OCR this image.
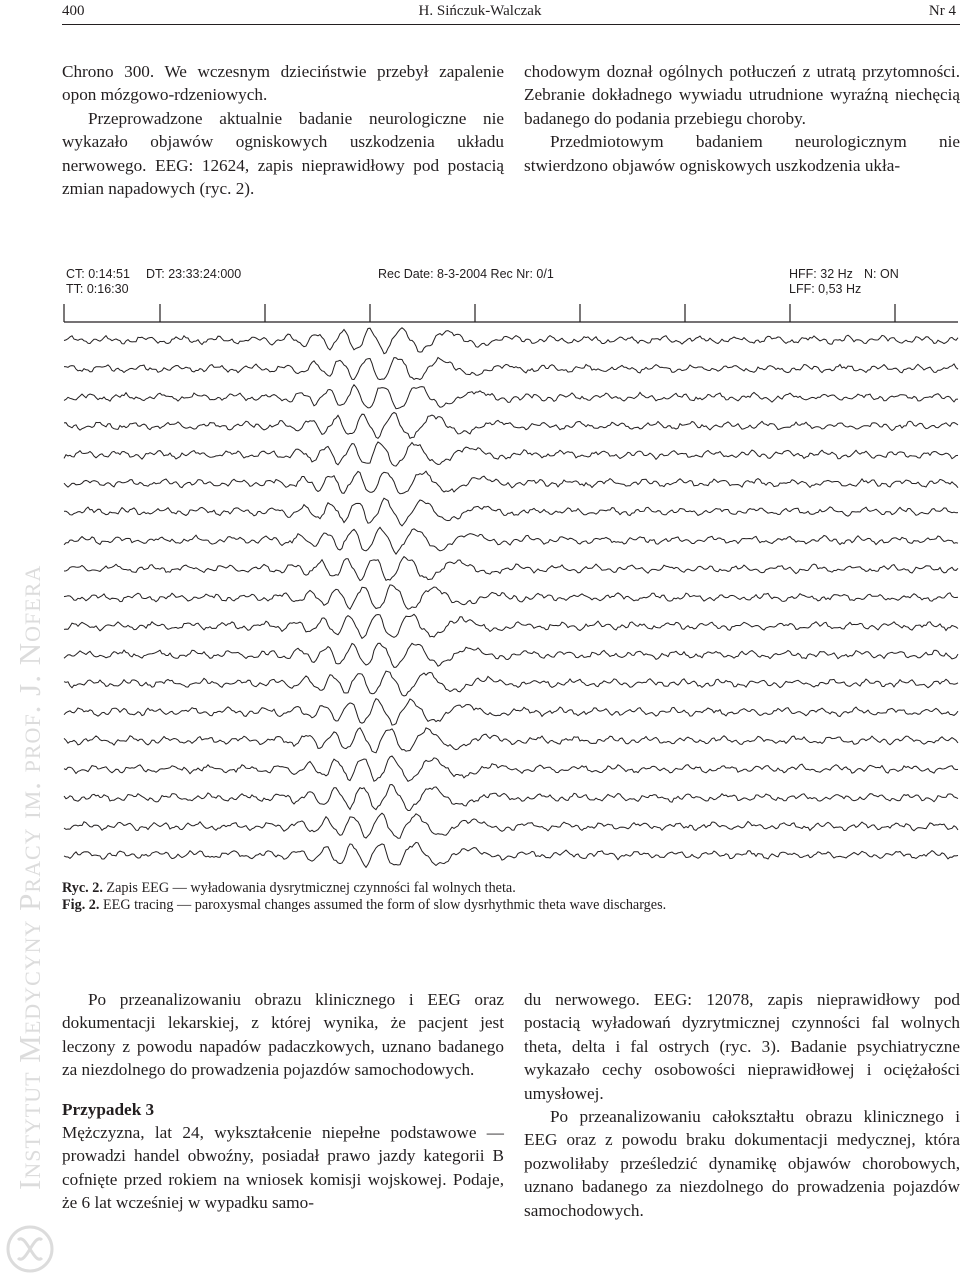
400	H. Sińczuk-Walczak	Nr 4

Chrono 300. We wczesnym dzieciństwie przebył zapalenie opon mózgowo-rdzeniowych.

Przeprowadzone aktualnie badanie neurologiczne nie wykazało objawów ogniskowych uszkodzenia układu nerwowego. EEG: 12624, zapis nieprawidłowy pod postacią zmian napadowych (ryc. 2).

chodowym doznał ogólnych potłuczeń z utratą przytomności. Zebranie dokładnego wywiadu utrudnione wyraźną niechęcią badanego do podania przebiegu choroby.

Przedmiotowym badaniem neurologicznym nie stwierdzono objawów ogniskowych uszkodzenia ukła-

CT: 0:14:51
TT: 0:16:30
DT: 23:33:24:000	Rec Date: 8-3-2004 Rec Nr: 0/1	HFF: 32 Hz N: ON
LFF: 0,53 Hz
Ryc. 2. Zapis EEG — wyładowania dysrytmicznej czynności fal wolnych theta.
Fig. 2. EEG tracing — paroxysmal changes assumed the form of slow dysrhythmic theta wave discharges.

Po przeanalizowaniu obrazu klinicznego i EEG oraz dokumentacji lekarskiej, z której wynika, że pacjent jest leczony z powodu napadów padaczkowych, uznano badanego za niezdolnego do prowadzenia pojazdów samochodowych.

Przypadek 3

Mężczyzna, lat 24, wykształcenie niepełne podstawowe — prowadzi handel obwoźny, posiadał prawo jazdy kategorii B cofnięte przed rokiem na wniosek komisji wojskowej. Podaje, że 6 lat wcześniej w wypadku samo-

du nerwowego. EEG: 12078, zapis nieprawidłowy pod postacią wyładowań dyzrytmicznej czynności fal wolnych theta, delta i fal ostrych (ryc. 3). Badanie psychiatryczne wykazało cechy osobowości nieprawidłowej i ociężałości umysłowej.

Po przeanalizowaniu całokształtu obrazu klinicznego i EEG oraz z powodu braku dokumentacji medycznej, która pozwoliłaby prześledzić dynamikę objawów chorobowych, uznano badanego za niezdolnego do prowadzenia pojazdów samochodowych.

Instytut Medycyny Pracy im. prof. J. Nofera
